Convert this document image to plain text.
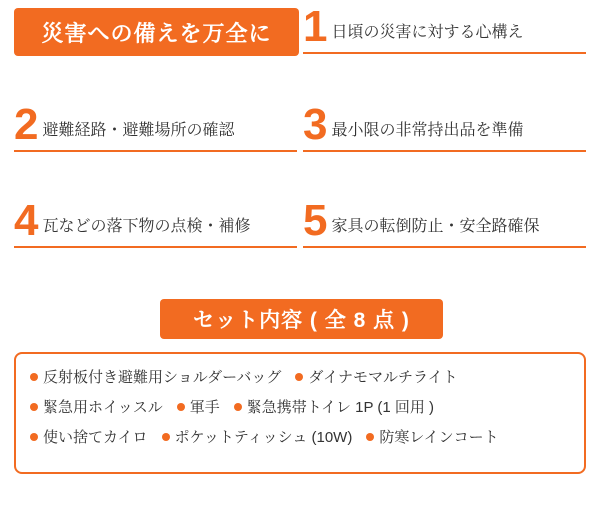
災害への備えを万全に 1 日頃の災害に対する心構え
2 避難経路・避難場所の確認 3 最小限の非常持出品を準備
4 瓦などの落下物の点検・補修 5 家具の転倒防止・安全路確保
セット内容 ( 全 8 点 )
反射板付き避難用ショルダーバッグ ダイナモマルチライト
緊急用ホイッスル 軍手 緊急携帯トイレ 1P (1 回用 )
使い捨てカイロ ポケットティッシュ (10W) 防寒レインコート
